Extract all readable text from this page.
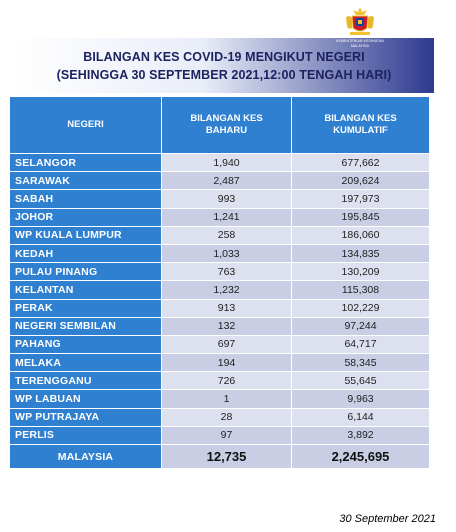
BILANGAN KES COVID-19 MENGIKUT NEGERI
(SEHINGGA 30 SEPTEMBER 2021,12:00 TENGAH HARI)
KEMENTERIAN KESIHATAN
MALAYSIA
NEGERI	BILANGAN KES BAHARU	BILANGAN KES KUMULATIF
SELANGOR	1,940	677,662
SARAWAK	2,487	209,624
SABAH	993	197,973
JOHOR	1,241	195,845
WP KUALA LUMPUR	258	186,060
KEDAH	1,033	134,835
PULAU PINANG	763	130,209
KELANTAN	1,232	115,308
PERAK	913	102,229
NEGERI SEMBILAN	132	97,244
PAHANG	697	64,717
MELAKA	194	58,345
TERENGGANU	726	55,645
WP LABUAN	1	9,963
WP PUTRAJAYA	28	6,144
PERLIS	97	3,892
MALAYSIA	12,735	2,245,695
30 September 2021
